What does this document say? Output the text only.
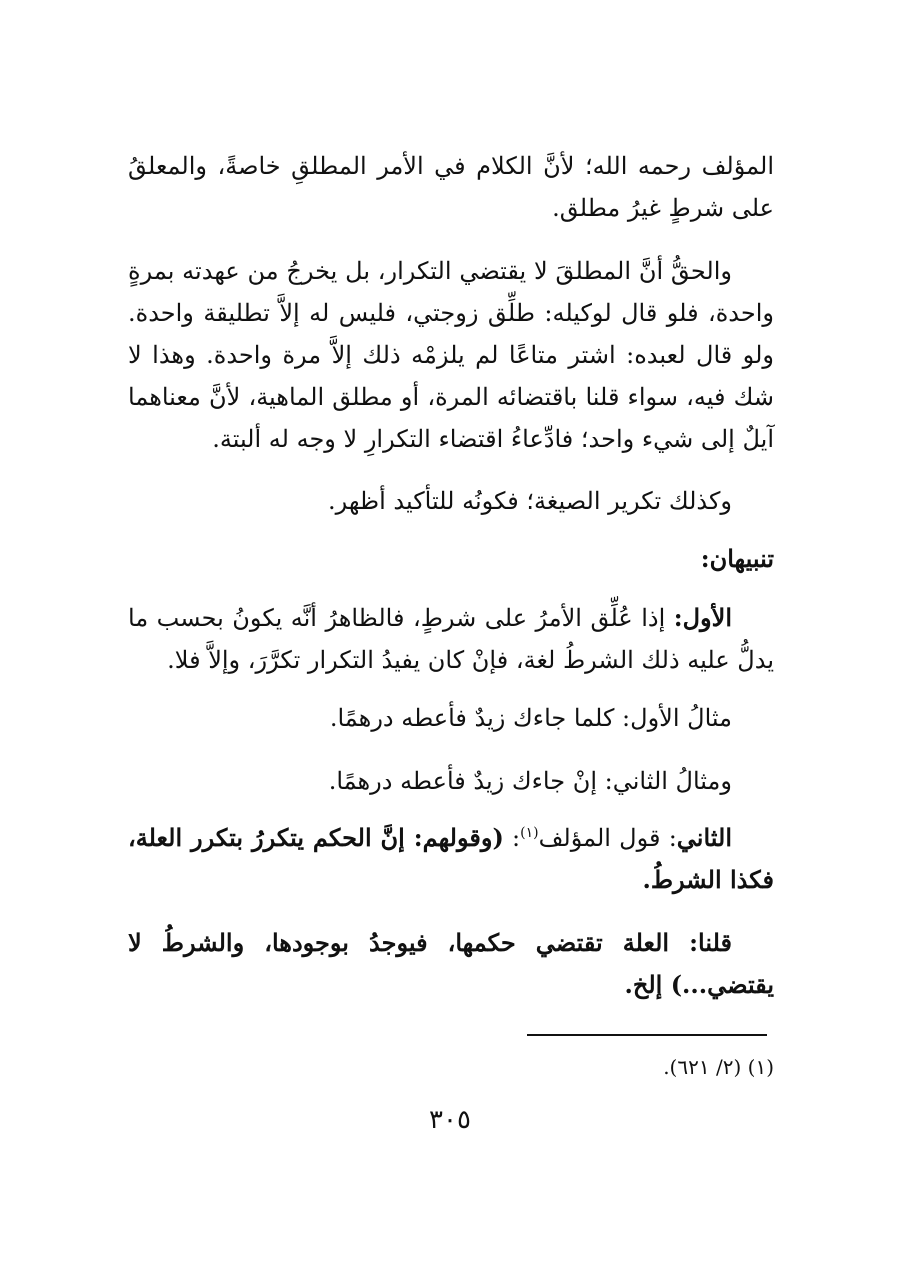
المؤلف رحمه الله؛ لأنَّ الكلام في الأمر المطلقِ خاصةً، والمعلقُ على شرطٍ غيرُ مطلق.

والحقُّ أنَّ المطلقَ لا يقتضي التكرار، بل يخرجُ من عهدته بمرةٍ واحدة، فلو قال لوكيله: طلِّق زوجتي، فليس له إلاَّ تطليقة واحدة. ولو قال لعبده: اشتر متاعًا لم يلزمْه ذلك إلاَّ مرة واحدة. وهذا لا شك فيه، سواء قلنا باقتضائه المرة، أو مطلق الماهية، لأنَّ معناهما آيلٌ إلى شيء واحد؛ فادِّعاءُ اقتضاء التكرارِ لا وجه له ألبتة.

وكذلك تكرير الصيغة؛ فكونُه للتأكيد أظهر.

تنبيهان:

الأول: إذا عُلِّق الأمرُ على شرطٍ، فالظاهرُ أنَّه يكونُ بحسب ما يدلُّ عليه ذلك الشرطُ لغة، فإنْ كان يفيدُ التكرار تكرَّرَ، وإلاَّ فلا.

مثالُ الأول: كلما جاءك زيدٌ فأعطه درهمًا.

ومثالُ الثاني: إنْ جاءك زيدٌ فأعطه درهمًا.

الثاني: قول المؤلف$^{(١)}$: (وقولهم: إنَّ الحكم يتكررُ بتكرر العلة، فكذا الشرطُ.

قلنا: العلة تقتضي حكمها، فيوجدُ بوجودها، والشرطُ لا يقتضي...) إلخ.

(١) (٢/ ٦٢١).
٣٠٥
